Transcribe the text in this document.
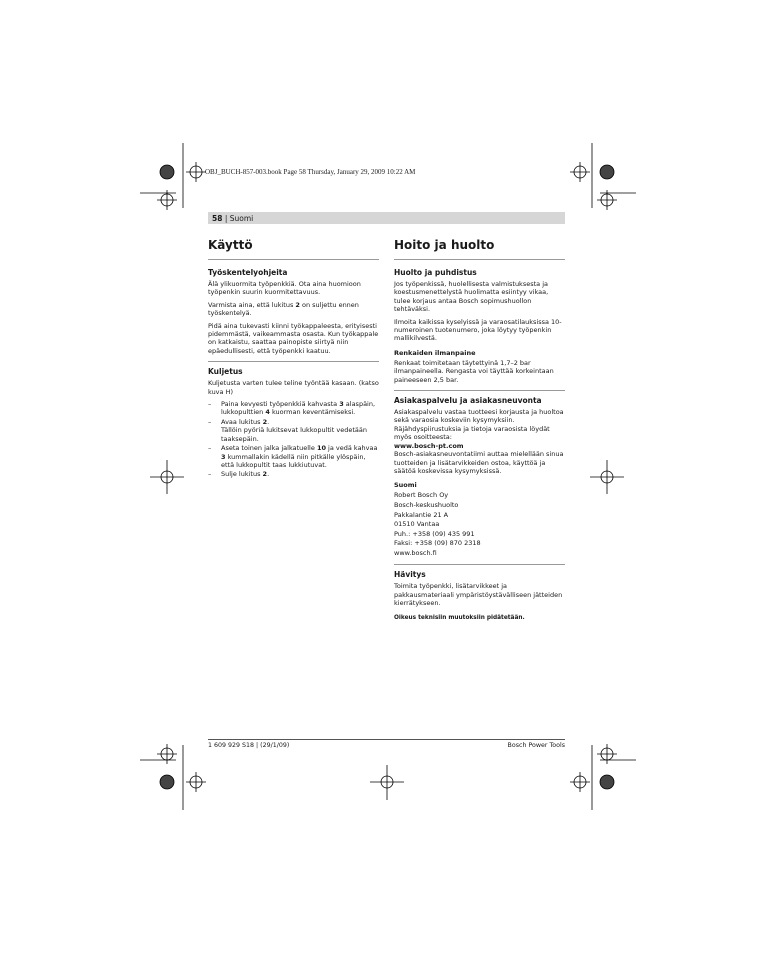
OBJ_BUCH-857-003.book Page 58 Thursday, January 29, 2009 10:22 AM
58 | Suomi
Käyttö
Työskentelyohjeita

Älä ylikuormita työpenkkiä. Ota aina huomioon työpenkin suurin kuormitettavuus.

Varmista aina, että lukitus 2 on suljettu ennen työskentelyä.

Pidä aina tukevasti kiinni työkappaleesta, erityisesti pidemmästä, vaikeammasta osasta. Kun työkappale on katkaistu, saattaa painopiste siirtyä niin epäedullisesti, että työpenkki kaatuu.

Kuljetus

Kuljetusta varten tulee teline työntää kasaan. (katso kuva H)

– Paina kevyesti työpenkkiä kahvasta 3 alaspäin, lukkopulttien 4 kuorman keventämiseksi.
– Avaa lukitus 2.
Tällöin pyöriä lukitsevat lukkopultit vedetään taaksepäin.
– Aseta toinen jalka jalkatuelle 10 ja vedä kahvaa 3 kummallakin kädellä niin pitkälle ylöspäin, että lukkopultit taas lukkiutuvat.
– Sulje lukitus 2.
Hoito ja huolto
Huolto ja puhdistus

Jos työpenkissä, huolellisesta valmistuksesta ja koestusmenettelystä huolimatta esiintyy vikaa, tulee korjaus antaa Bosch sopimushuollon tehtäväksi.

Ilmoita kaikissa kyselyissä ja varaosatilauksissa 10-numeroinen tuotenumero, joka löytyy työpenkin mallikilvestä.

Renkaiden ilmanpaine

Renkaat toimitetaan täytettyinä 1,7–2 bar ilmanpaineella. Rengasta voi täyttää korkeintaan paineeseen 2,5 bar.

Asiakaspalvelu ja asiakasneuvonta

Asiakaspalvelu vastaa tuotteesi korjausta ja huoltoa sekä varaosia koskeviin kysymyksiin. Räjähdyspiirustuksia ja tietoja varaosista löydät myös osoitteesta:

www.bosch-pt.com

Bosch-asiakasneuvontatiimi auttaa mielellään sinua tuotteiden ja lisätarvikkeiden ostoa, käyttöä ja säätöä koskevissa kysymyksissä.

Suomi
Robert Bosch Oy
Bosch-keskushuolto
Pakkalantie 21 A
01510 Vantaa
Puh.: +358 (09) 435 991
Faksi: +358 (09) 870 2318
www.bosch.fi
Hävitys

Toimita työpenkki, lisätarvikkeet ja pakkausmateriaali ympäristöystävälliseen jätteiden kierrätykseen.

Oikeus teknisiin muutoksiin pidätetään.
1 609 929 S18 | (29/1/09)	Bosch Power Tools
